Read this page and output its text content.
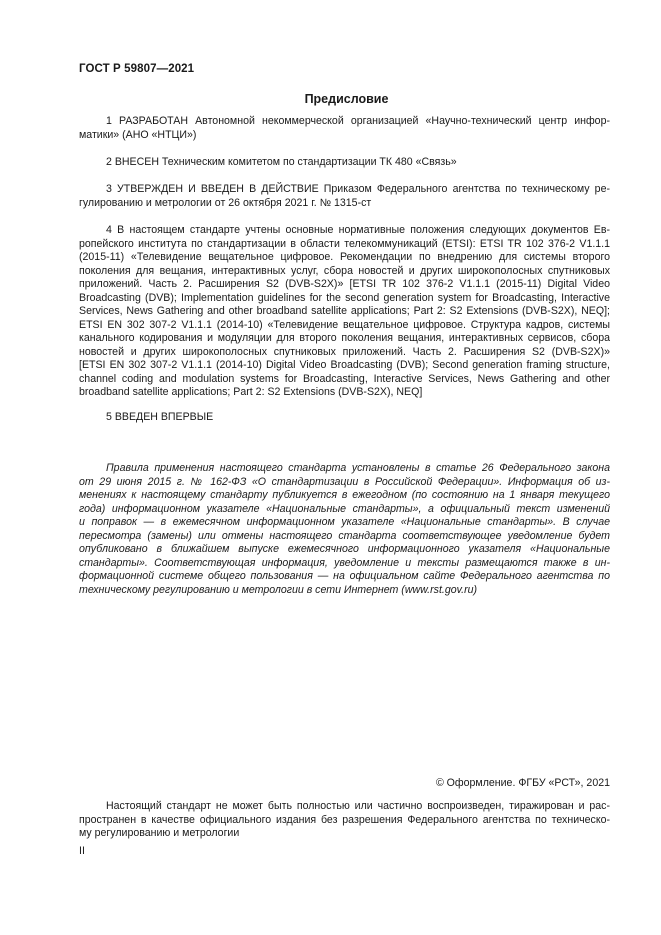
ГОСТ Р 59807—2021
Предисловие
1 РАЗРАБОТАН Автономной некоммерческой организацией «Научно-технический центр инфор-
матики» (АНО «НТЦИ»)
2 ВНЕСЕН Техническим комитетом по стандартизации ТК 480 «Связь»
3 УТВЕРЖДЕН И ВВЕДЕН В ДЕЙСТВИЕ Приказом Федерального агентства по техническому ре-
гулированию и метрологии от 26 октября 2021 г. № 1315-ст
4 В настоящем стандарте учтены основные нормативные положения следующих документов Ев-
ропейского института по стандартизации в области телекоммуникаций (ETSI): ETSI TR 102 376-2 V1.1.1
(2015-11) «Телевидение вещательное цифровое. Рекомендации по внедрению для системы второго
поколения для вещания, интерактивных услуг, сбора новостей и других широкополосных спутниковых
приложений. Часть 2. Расширения S2 (DVB-S2X)» [ETSI TR 102 376-2 V1.1.1 (2015-11) Digital Video
Broadcasting (DVB); Implementation guidelines for the second generation system for Broadcasting, Interactive
Services, News Gathering and other broadband satellite applications; Part 2: S2 Extensions (DVB-S2X), NEQ];
ETSI EN 302 307-2 V1.1.1 (2014-10) «Телевидение вещательное цифровое. Структура кадров, системы
канального кодирования и модуляции для второго поколения вещания, интерактивных сервисов, сбора
новостей и других широкополосных спутниковых приложений. Часть 2. Расширения S2 (DVB-S2X)»
[ETSI EN 302 307-2 V1.1.1 (2014-10) Digital Video Broadcasting (DVB); Second generation framing structure,
channel coding and modulation systems for Broadcasting, Interactive Services, News Gathering and other
broadband satellite applications; Part 2: S2 Extensions (DVB-S2X), NEQ]
5 ВВЕДЕН ВПЕРВЫЕ
Правила применения настоящего стандарта установлены в статье 26 Федерального закона
от 29 июня 2015 г. № 162-ФЗ «О стандартизации в Российской Федерации». Информация об из-
менениях к настоящему стандарту публикуется в ежегодном (по состоянию на 1 января текущего
года) информационном указателе «Национальные стандарты», а официальный текст изменений
и поправок — в ежемесячном информационном указателе «Национальные стандарты». В случае
пересмотра (замены) или отмены настоящего стандарта соответствующее уведомление будет
опубликовано в ближайшем выпуске ежемесячного информационного указателя «Национальные
стандарты». Соответствующая информация, уведомление и тексты размещаются также в ин-
формационной системе общего пользования — на официальном сайте Федерального агентства по
техническому регулированию и метрологии в сети Интернет (www.rst.gov.ru)
© Оформление. ФГБУ «РСТ», 2021
Настоящий стандарт не может быть полностью или частично воспроизведен, тиражирован и рас-
пространен в качестве официального издания без разрешения Федерального агентства по техническо-
му регулированию и метрологии
II
